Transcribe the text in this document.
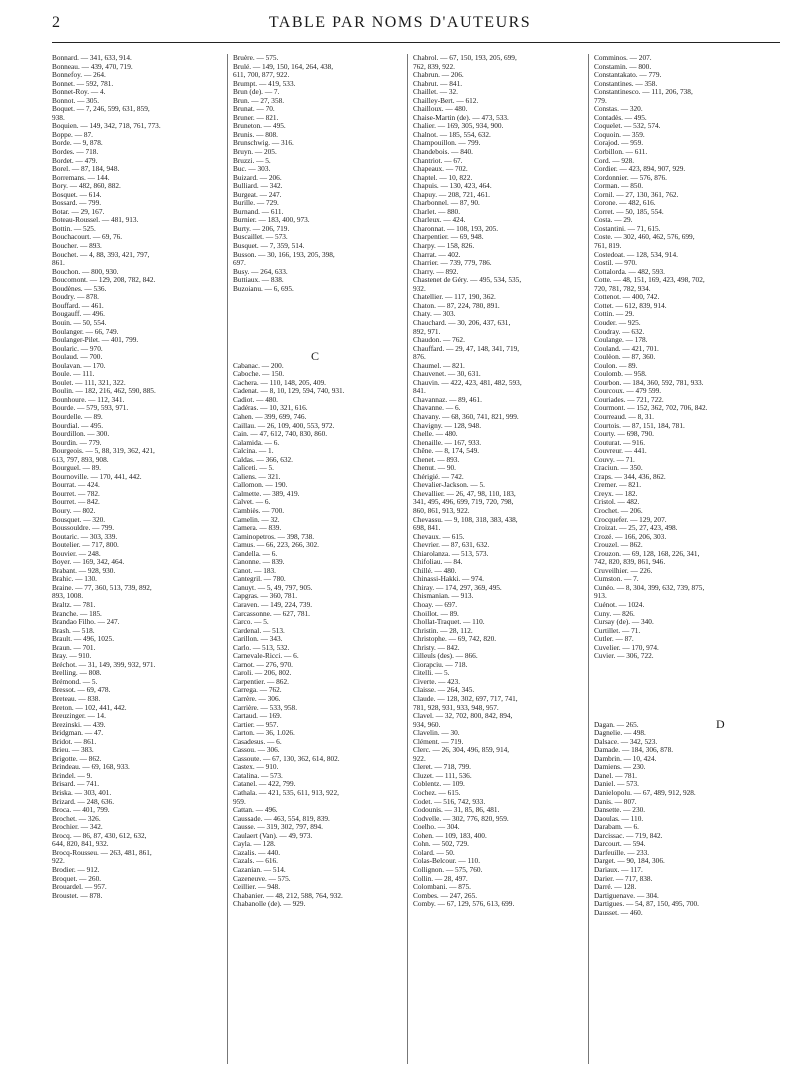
2	TABLE PAR NOMS D'AUTEURS
Bonnard. — 341, 633, 914.
Bonneau. — 439, 470, 719.
Bonnefoy. — 264.
Bonnet. — 592, 781.
Bonnet-Roy. — 4.
Bonnot. — 305.
Boquet. — 7, 246, 599, 631, 859,
938.
Boquien. — 149, 342, 718, 761, 773.
Boppe. — 87.
Borde. — 9, 878.
Bordes. — 718.
Bordet. — 479.
Borel. — 87, 184, 948.
Borremans. — 144.
Bory. — 482, 860, 882.
Bosquet. — 614.
Bossard. — 799.
Botar. — 29, 167.
Boteau-Roussel. — 481, 913.
Bottin. — 525.
Bouchacourt. — 69, 76.
Boucher. — 893.
Bouchet. — 4, 88, 393, 421, 797,
861.
Bouchon. — 800, 930.
Boucomont. — 129, 208, 782, 842.
Boudènes. — 536.
Boudry. — 878.
Bouffard. — 461.
Bougauff. — 496.
Bouin. — 50, 554.
Boulanger. — 66, 749.
Boulanger-Pilet. — 401, 799.
Boularic. — 970.
Boulaud. — 700.
Boulavan. — 170.
Boule. — 111.
Boulet. — 111, 321, 322.
Boulin. — 182, 216, 462, 590, 885.
Bounhoure. — 112, 341.
Bourde. — 579, 593, 971.
Bourdelle. — 89.
Bourdial. — 495.
Bourdillon. — 300.
Bourdin. — 779.
Bourgeois. — 5, 88, 319, 362, 421,
613, 797, 893, 908.
Bourguel. — 89.
Bournoville. — 170, 441, 442.
Bourrat. — 424.
Bourret. — 782.
Bourret. — 842.
Boury. — 802.
Bousquet. — 320.
Boussouldre. — 799.
Boutaric. — 303, 339.
Boutelier. — 717, 800.
Bouvier. — 248.
Boyer. — 169, 342, 464.
Brabant. — 928, 930.
Brahic. — 130.
Braine. — 77, 360, 513, 739, 892,
893, 1008.
Braltz. — 781.
Branche. — 185.
Brandao Filho. — 247.
Brash. — 518.
Brault. — 496, 1025.
Braun. — 701.
Bray. — 910.
Bréchot. — 31, 149, 399, 932, 971.
Brelling. — 808.
Brémond. — 5.
Bressot. — 69, 478.
Breteau. — 838.
Breton. — 102, 441, 442.
Breuzinger. — 14.
Brezinski. — 439.
Bridgman. — 47.
Bridot. — 861.
Brieu. — 383.
Brigotte. — 862.
Brindeau. — 69, 168, 933.
Brindel. — 9.
Brisard. — 741.
Briska. — 303, 401.
Brizard. — 248, 636.
Broca. — 401, 799.
Brochet. — 326.
Brochier. — 342.
Brocq. — 86, 87, 430, 612, 632,
644, 820, 841, 932.
Brocq-Rousseu. — 263, 481, 861,
922.
Brodier. — 912.
Broquet. — 260.
Brouardel. — 957.
Broustet. — 878.
Bruère. — 575.
Brulé. — 149, 150, 164, 264, 438,
611, 700, 877, 922.
Brumpt. — 419, 533.
Brun (de). — 7.
Brun. — 27, 358.
Brunat. — 70.
Bruner. — 821.
Bruneton. — 495.
Brunis. — 808.
Brunschwig. — 316.
Bruyn. — 205.
Bruzzi. — 5.
Buc. — 303.
Buizard. — 206.
Bulliard. — 342.
Burgeat. — 247.
Burille. — 729.
Burnand. — 611.
Burnier. — 183, 400, 973.
Burty. — 206, 719.
Buscaillet. — 573.
Busquet. — 7, 359, 514.
Busson. — 30, 166, 193, 205, 398,
697.
Busy. — 264, 633.
Buttiaux. — 838.
Buzoianu. — 6, 695.

Cabanac. — 200.
Caboche. — 150.
Cachera. — 110, 148, 205, 409.
Cadenat. — 8, 10, 129, 594, 740, 931.
Cadiot. — 480.
Cadéras. — 10, 321, 616.
Cahen. — 399, 699, 746.
Caillau. — 26, 109, 400, 553, 972.
Cain. — 47, 612, 740, 830, 860.
Calamida. — 6.
Calcina. — 1.
Caldas. — 366, 632.
Caliceti. — 5.
Caliens. — 321.
Callomon. — 190.
Calmette. — 389, 419.
Calvet. — 6.
Cambiès. — 700.
Camelin. — 32.
Camera. — 839.
Caminopetros. — 398, 738.
Camus. — 66, 223, 266, 302.
Candella. — 6.
Canonne. — 839.
Canot. — 183.
Cantegril. — 780.
Canuyt. — 5, 49, 797, 905.
Capgras. — 360, 781.
Caraven. — 149, 224, 739.
Carcassonne. — 627, 781.
Carco. — 5.
Cardenal. — 513.
Carillon. — 343.
Carlo. — 513, 532.
Carnevale-Ricci. — 6.
Carnot. — 276, 970.
Caroli. — 206, 802.
Carpentier. — 862.
Carrega. — 762.
Carrère. — 306.
Carrière. — 533, 958.
Cartaud. — 169.
Cartier. — 957.
Carton. — 36, 1.026.
Casadesus. — 6.
Cassou. — 306.
Cassoute. — 67, 130, 362, 614, 802.
Castex. — 910.
Catalina. — 573.
Catanel. — 422, 799.
Cathala. — 421, 535, 611, 913, 922,
959.
Cattan. — 496.
Caussade. — 463, 554, 819, 839.
Causse. — 319, 302, 797, 894.
Caulaert (Van). — 49, 973.
Cayla. — 128.
Cazalis. — 440.
Cazals. — 616.
Cazanian. — 514.
Cazeneuve. — 575.
Ceillier. — 948.
Chabanier. — 48, 212, 588, 764, 932.
Chabanolle (de). — 929.
Chabrol. — 67, 150, 193, 205, 699,
762, 839, 922.
Chabrun. — 206.
Chabrut. — 841.
Chaillet. — 32.
Chailley-Bert. — 612.
Chailloux. — 480.
Chaise-Martin (de). — 473, 533.
Chalier. — 169, 305, 934, 900.
Chalnot. — 185, 554, 632.
Champouillon. — 799.
Chandebois. — 840.
Chantriot. — 67.
Chapeaux. — 702.
Chaptel. — 10, 822.
Chapuis. — 130, 423, 464.
Chapuy. — 208, 721, 461.
Charbonnel. — 87, 90.
Charlet. — 880.
Charleux. — 424.
Charonnat. — 108, 193, 205.
Charpentier. — 69, 948.
Charpy. — 158, 826.
Charrat. — 402.
Charrier. — 739, 779, 786.
Charry. — 892.
Chastenet de Géry. — 495, 534, 535,
932.
Chatellier. — 117, 190, 362.
Chaton. — 87, 224, 780, 891.
Chaty. — 303.
Chauchard. — 30, 206, 437, 631,
892, 971.
Chaudon. — 762.
Chauffard. — 29, 47, 148, 341, 719,
876.
Chaumel. — 821.
Chauvenet. — 30, 631.
Chauvin. — 422, 423, 481, 482, 593,
841.
Chavannaz. — 89, 461.
Chavanne. — 6.
Chavany. — 68, 360, 741, 821, 999.
Chavigny. — 128, 948.
Chelle. — 480.
Chenaille. — 167, 933.
Chêne. — 8, 174, 549.
Chenet. — 893.
Chenut. — 90.
Chérigié. — 742.
Chevalier-Jackson. — 5.
Chevallier. — 26, 47, 98, 110, 183,
341, 495, 496, 699, 719, 720, 798,
860, 861, 913, 922.
Chevassu. — 9, 108, 318, 383, 438,
698, 841.
Chevaux. — 615.
Chevrier. — 87, 631, 632.
Chiarolanza. — 513, 573.
Chifoliau. — 84.
Chillé. — 480.
Chinassi-Hakki. — 974.
Chiray. — 174, 297, 369, 495.
Chismanian. — 913.
Choay. — 697.
Choillot. — 89.
Chollat-Traquet. — 110.
Christin. — 28, 112.
Christophe. — 69, 742, 820.
Christy. — 842.
Cilleuls (des). — 866.
Ciorapciu. — 718.
Citelli. — 5.
Civerte. — 423.
Claisse. — 264, 345.
Claude. — 128, 302, 697, 717, 741,
781, 928, 931, 933, 948, 957.
Clavel. — 32, 702, 800, 842, 894,
934, 960.
Clavelin. — 30.
Clément. — 719.
Clerc. — 26, 304, 496, 859, 914,
922.
Cleret. — 718, 799.
Cluzet. — 111, 536.
Coblentz. — 109.
Cochez. — 615.
Codet. — 516, 742, 933.
Codounis. — 31, 85, 86, 481.
Codvelle. — 302, 776, 820, 959.
Coelho. — 304.
Cohen. — 109, 183, 400.
Cohn. — 502, 729.
Colard. — 50.
Colas-Belcour. — 110.
Collignon. — 575, 760.
Collin. — 28, 497.
Colombani. — 875.
Combes. — 247, 265.
Comby. — 67, 129, 576, 613, 699.
Comminos. — 207.
Constamin. — 800.
Constantakato. — 779.
Constantines. — 358.
Constantinesco. — 111, 206, 738,
779.
Constas. — 320.
Contadès. — 495.
Coquelet. — 532, 574.
Coquoin. — 359.
Corajod. — 959.
Corbillon. — 611.
Cord. — 928.
Cordier. — 423, 894, 907, 929.
Cordonnier. — 576, 876.
Corman. — 850.
Cornil. — 27, 130, 361, 762.
Corone. — 482, 616.
Corret. — 50, 185, 554.
Costa. — 29.
Costantini. — 71, 615.
Coste. — 302, 460, 462, 576, 699,
761, 819.
Costedoat. — 128, 534, 914.
Costil. — 970.
Cottalorda. — 482, 593.
Cotte. — 48, 151, 169, 423, 498, 702,
720, 781, 782, 934.
Cottenot. — 400, 742.
Cottet. — 612, 839, 914.
Cottin. — 29.
Couder. — 925.
Coudray. — 632.
Coulange. — 178.
Couland. — 421, 701.
Coulèon. — 87, 360.
Coulon. — 89.
Coulomb. — 958.
Courbon. — 184, 360, 592, 781, 933.
Courcoux. — 479 599.
Couriades. — 721, 722.
Courmont. — 152, 362, 702, 706, 842.
Courreaud. — 8, 31.
Courtois. — 87, 151, 184, 781.
Courty. — 698, 790.
Couturat. — 916.
Couvreur. — 441.
Couvy. — 71.
Craciun. — 350.
Craps. — 344, 436, 862.
Cremer. — 821.
Creyx. — 182.
Cristol. — 482.
Crochet. — 206.
Crocquefer. — 129, 207.
Croizat. — 25, 27, 423, 498.
Crozé. — 166, 206, 303.
Crouzel. — 862.
Crouzon. — 69, 128, 168, 226, 341,
742, 820, 839, 861, 946.
Cruveilhier. — 226.
Cumston. — 7.
Cunéo. — 8, 304, 399, 632, 739, 875,
913.
Cuénot. — 1024.
Cuny. — 826.
Cursay (de). — 340.
Curtillet. — 71.
Cutler. — 87.
Cuvelier. — 170, 974.
Cuvier. — 306, 722.

Dagan. — 265.
Dagnelie. — 498.
Dalsace. — 342, 523.
Damade. — 184, 306, 878.
Dambrin. — 10, 424.
Damiens. — 230.
Danel. — 781.
Daniel. — 573.
Danielopolu. — 67, 489, 912, 928.
Danis. — 807.
Dansette. — 230.
Daoulas. — 110.
Darabam. — 6.
Darcissac. — 719, 842.
Darcourt. — 594.
Darfeuille. — 233.
Darget. — 90, 184, 306.
Dariaux. — 117.
Darier. — 717, 838.
Darré. — 128.
Dartiguenave. — 304.
Dartigues. — 54, 87, 150, 495, 700.
Dausset. — 460.
C
D
